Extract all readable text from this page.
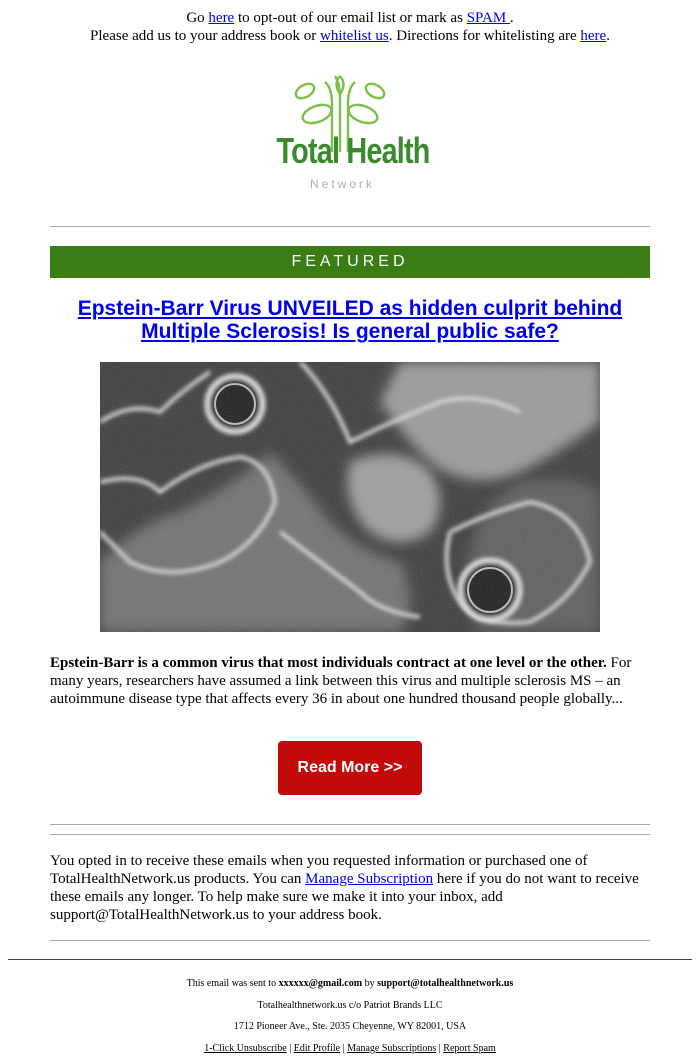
Go here to opt-out of our email list or mark as SPAM .
Please add us to your address book or whitelist us. Directions for whitelisting are here.
Total Health
Network
FEATURED
Epstein-Barr Virus UNVEILED as hidden culprit behind Multiple Sclerosis! Is general public safe?
Epstein-Barr is a common virus that most individuals contract at one level or the other. For many years, researchers have assumed a link between this virus and multiple sclerosis MS – an autoimmune disease type that affects every 36 in about one hundred thousand people globally...
Read More >>
You opted in to receive these emails when you requested information or purchased one of TotalHealthNetwork.us products. You can Manage Subscription here if you do not want to receive these emails any longer. To help make sure we make it into your inbox, add support@TotalHealthNetwork.us to your address book.
This email was sent to xxxxxx@gmail.com by support@totalhealthnetwork.us
Totalhealthnetwork.us c/o Patriot Brands LLC
1712 Pioneer Ave., Ste. 2035 Cheyenne, WY 82001, USA
1-Click Unsubscribe | Edit Profile | Manage Subscriptions | Report Spam
